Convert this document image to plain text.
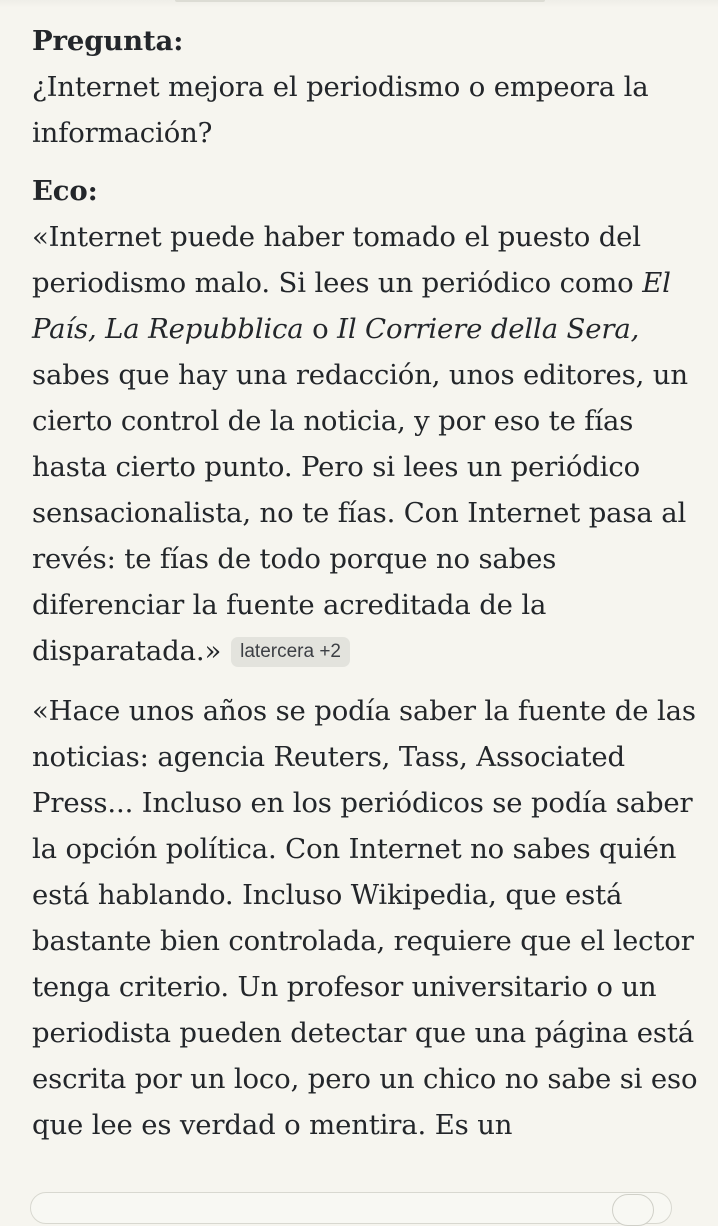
Pregunta:

¿Internet mejora el periodismo o empeora la información?

Eco:

«Internet puede haber tomado el puesto del periodismo malo. Si lees un periódico como El País, La Repubblica o Il Corriere della Sera, sabes que hay una redacción, unos editores, un cierto control de la noticia, y por eso te fías hasta cierto punto. Pero si lees un periódico sensacionalista, no te fías. Con Internet pasa al revés: te fías de todo porque no sabes diferenciar la fuente acreditada de la disparatada.» latercera +2

«Hace unos años se podía saber la fuente de las noticias: agencia Reuters, Tass, Associated Press... Incluso en los periódicos se podía saber la opción política. Con Internet no sabes quién está hablando. Incluso Wikipedia, que está bastante bien controlada, requiere que el lector tenga criterio. Un profesor universitario o un periodista pueden detectar que una página está escrita por un loco, pero un chico no sabe si eso que lee es verdad o mentira. Es un
